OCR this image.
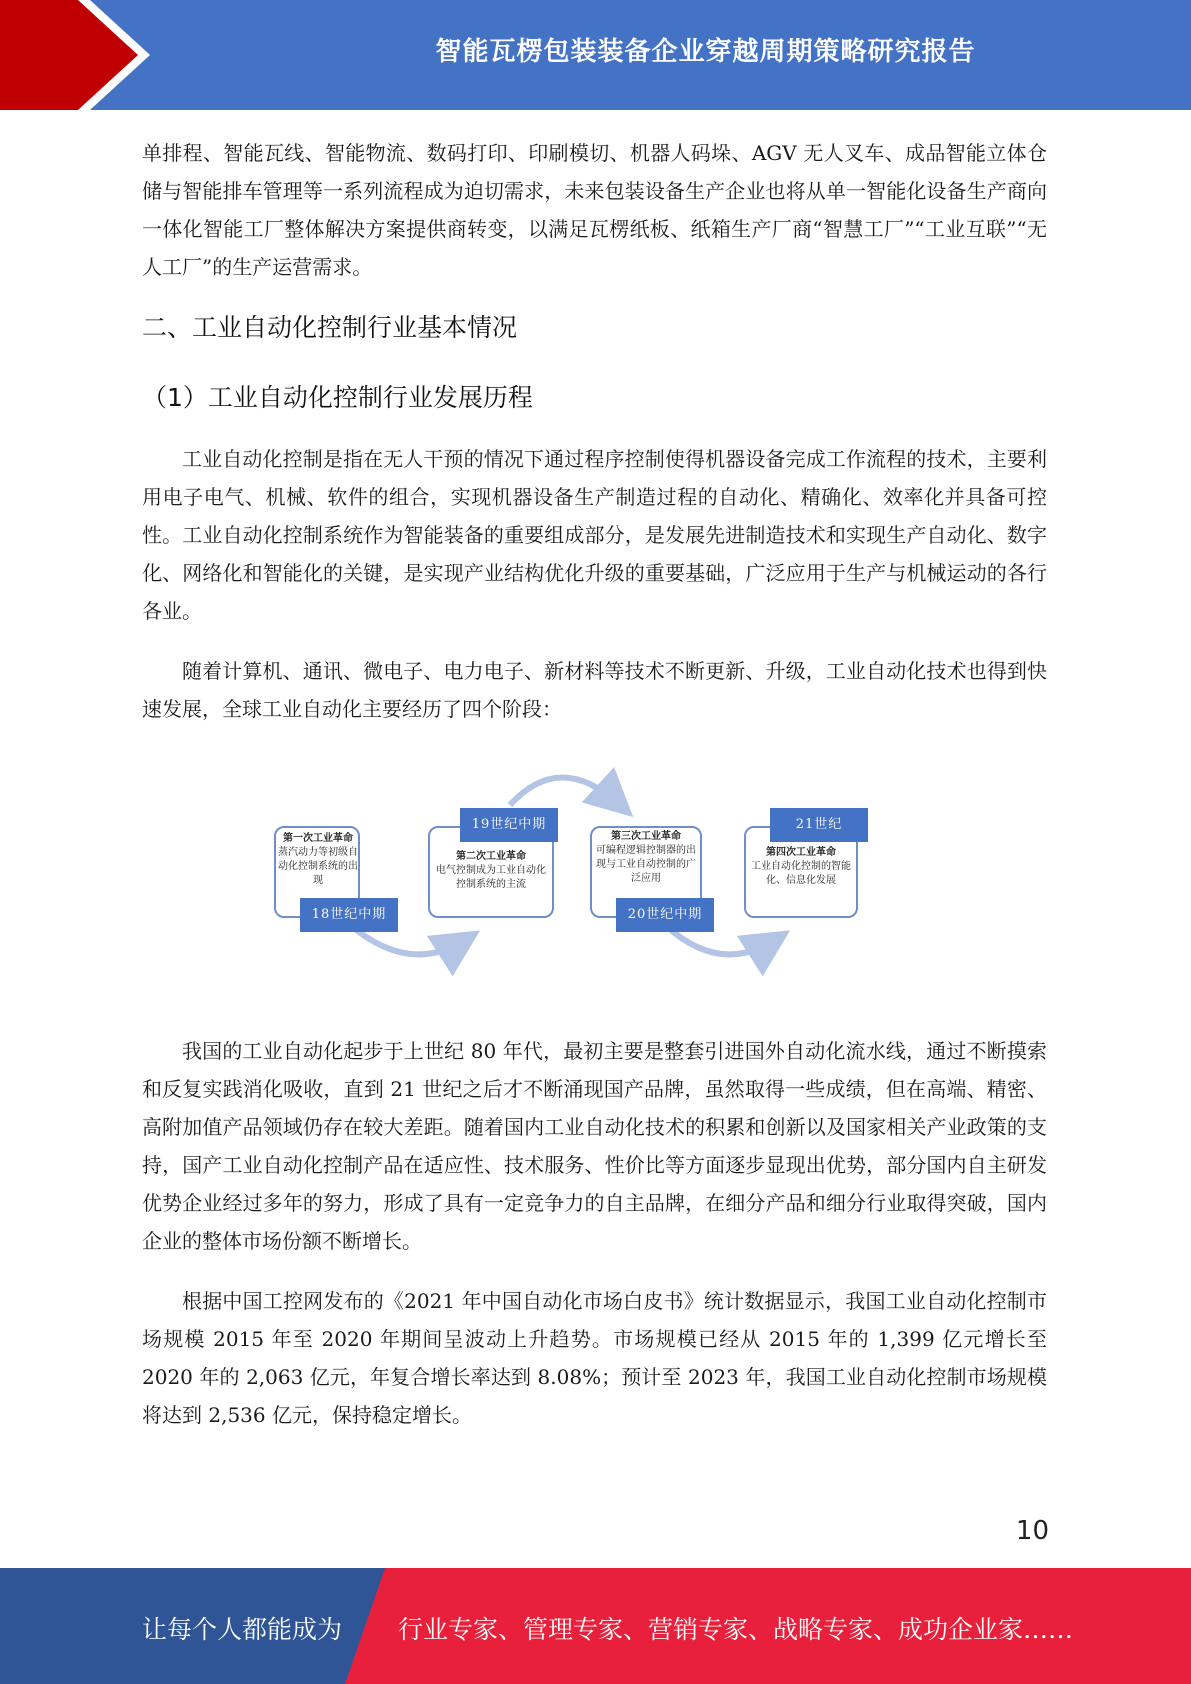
智能瓦楞包装装备企业穿越周期策略研究报告

单排程、智能瓦线、智能物流、数码打印、印刷模切、机器人码垛、AGV 无人叉车、成品智能立体仓储与智能排车管理等一系列流程成为迫切需求，未来包装设备生产企业也将从单一智能化设备生产商向一体化智能工厂整体解决方案提供商转变，以满足瓦楞纸板、纸箱生产厂商“智慧工厂”“工业互联”“无人工厂”的生产运营需求。

二、工业自动化控制行业基本情况
（1）工业自动化控制行业发展历程

工业自动化控制是指在无人干预的情况下通过程序控制使得机器设备完成工作流程的技术，主要利用电子电气、机械、软件的组合，实现机器设备生产制造过程的自动化、精确化、效率化并具备可控性。工业自动化控制系统作为智能装备的重要组成部分，是发展先进制造技术和实现生产自动化、数字化、网络化和智能化的关键，是实现产业结构优化升级的重要基础，广泛应用于生产与机械运动的各行各业。

随着计算机、通讯、微电子、电力电子、新材料等技术不断更新、升级，工业自动化技术也得到快速发展，全球工业自动化主要经历了四个阶段：

第一次工业革命
蒸汽动力等初级自动化控制系统的出现
18世纪中期
19世纪中期
第二次工业革命
电气控制成为工业自动化控制系统的主流
第三次工业革命
可编程逻辑控制器的出现与工业自动控制的广泛应用
20世纪中期
21世纪
第四次工业革命
工业自动化控制的智能化、信息化发展

我国的工业自动化起步于上世纪 80 年代，最初主要是整套引进国外自动化流水线，通过不断摸索和反复实践消化吸收，直到 21 世纪之后才不断涌现国产品牌，虽然取得一些成绩，但在高端、精密、高附加值产品领域仍存在较大差距。随着国内工业自动化技术的积累和创新以及国家相关产业政策的支持，国产工业自动化控制产品在适应性、技术服务、性价比等方面逐步显现出优势，部分国内自主研发优势企业经过多年的努力，形成了具有一定竞争力的自主品牌，在细分产品和细分行业取得突破，国内企业的整体市场份额不断增长。

根据中国工控网发布的《2021 年中国自动化市场白皮书》统计数据显示，我国工业自动化控制市场规模 2015 年至 2020 年期间呈波动上升趋势。市场规模已经从 2015 年的 1,399 亿元增长至 2020 年的 2,063 亿元，年复合增长率达到 8.08%；预计至 2023 年，我国工业自动化控制市场规模将达到 2,536 亿元，保持稳定增长。

10
让每个人都能成为 行业专家、管理专家、营销专家、战略专家、成功企业家……
